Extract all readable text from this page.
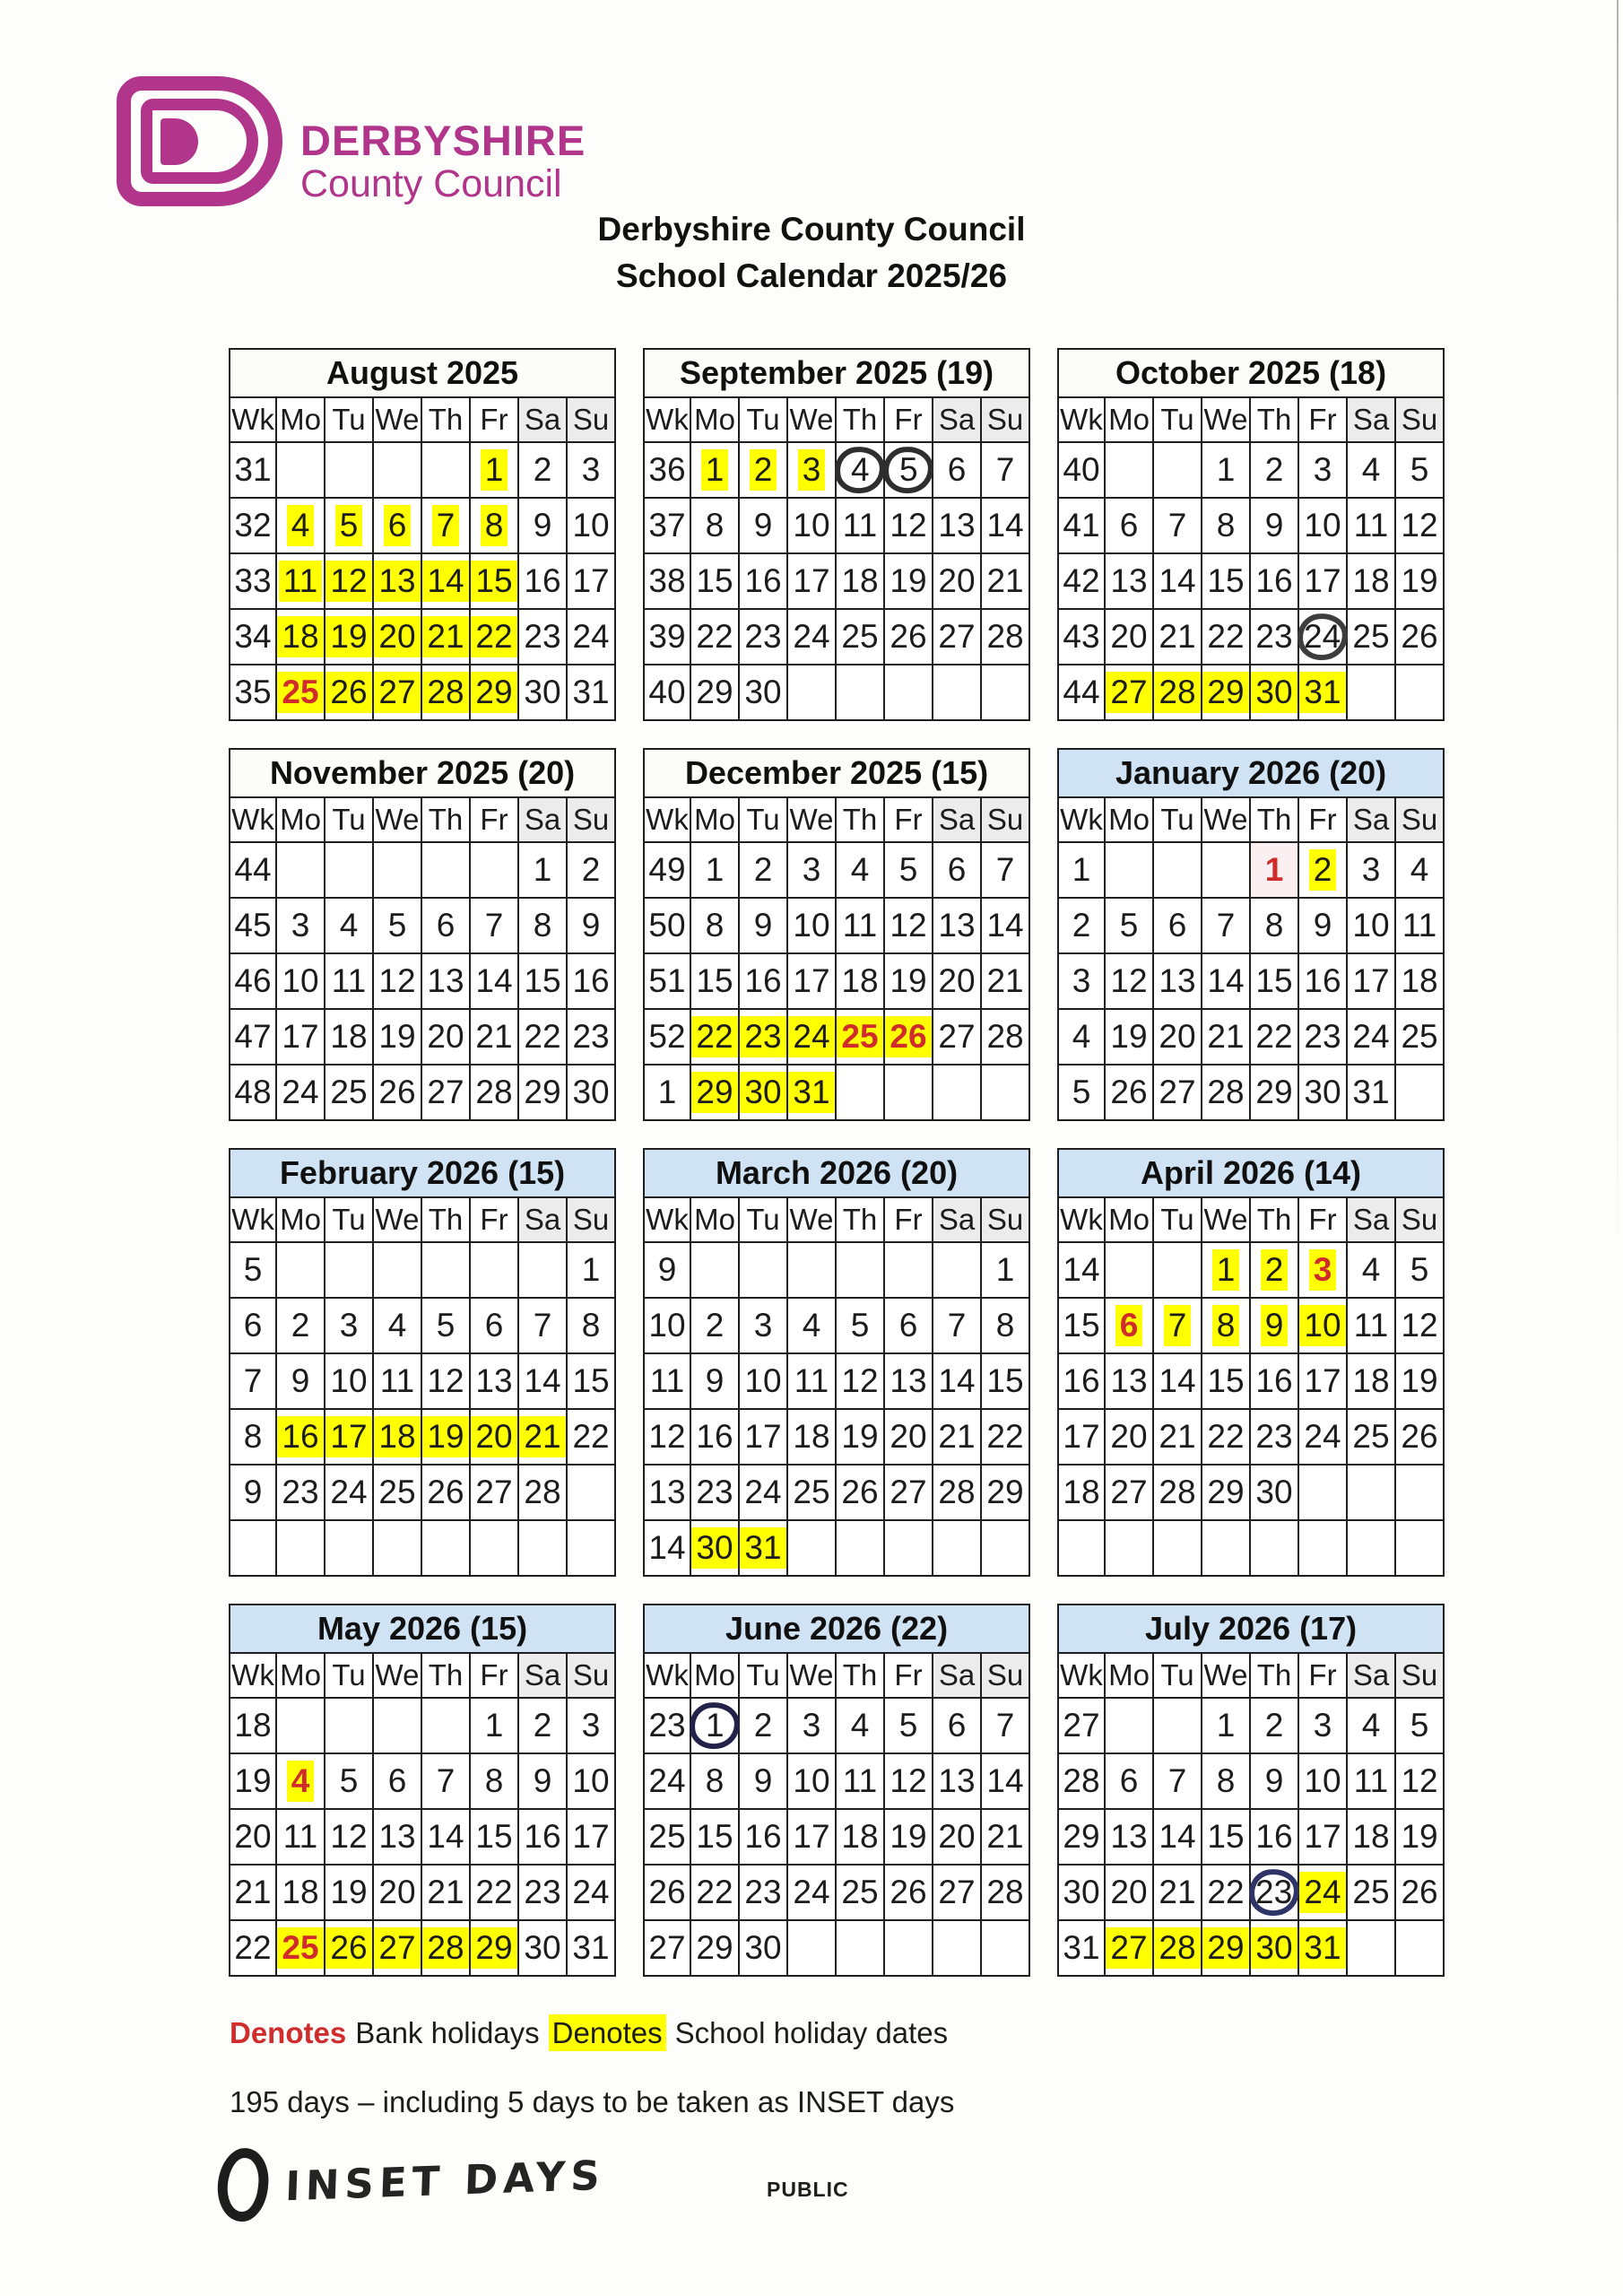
DERBYSHIRE
County Council
Derbyshire County Council
School Calendar 2025/26
August 2025							
Wk	Mo	Tu	We	Th	Fr	Sa	Su
31					1	2	3
32	4	5	6	7	8	9	10
33	11	12	13	14	15	16	17
34	18	19	20	21	22	23	24
35	25	26	27	28	29	30	31
September 2025 (19)							
Wk	Mo	Tu	We	Th	Fr	Sa	Su
36	1	2	3	4	5	6	7
37	8	9	10	11	12	13	14
38	15	16	17	18	19	20	21
39	22	23	24	25	26	27	28
40	29	30					
October 2025 (18)							
Wk	Mo	Tu	We	Th	Fr	Sa	Su
40			1	2	3	4	5
41	6	7	8	9	10	11	12
42	13	14	15	16	17	18	19
43	20	21	22	23	24	25	26
44	27	28	29	30	31		
November 2025 (20)							
Wk	Mo	Tu	We	Th	Fr	Sa	Su
44						1	2
45	3	4	5	6	7	8	9
46	10	11	12	13	14	15	16
47	17	18	19	20	21	22	23
48	24	25	26	27	28	29	30
December 2025 (15)							
Wk	Mo	Tu	We	Th	Fr	Sa	Su
49	1	2	3	4	5	6	7
50	8	9	10	11	12	13	14
51	15	16	17	18	19	20	21
52	22	23	24	25	26	27	28
1	29	30	31				
January 2026 (20)							
Wk	Mo	Tu	We	Th	Fr	Sa	Su
1				1	2	3	4
2	5	6	7	8	9	10	11
3	12	13	14	15	16	17	18
4	19	20	21	22	23	24	25
5	26	27	28	29	30	31	
February 2026 (15)							
Wk	Mo	Tu	We	Th	Fr	Sa	Su
5							1
6	2	3	4	5	6	7	8
7	9	10	11	12	13	14	15
8	16	17	18	19	20	21	22
9	23	24	25	26	27	28	

March 2026 (20)							
Wk	Mo	Tu	We	Th	Fr	Sa	Su
9							1
10	2	3	4	5	6	7	8
11	9	10	11	12	13	14	15
12	16	17	18	19	20	21	22
13	23	24	25	26	27	28	29
14	30	31					
April 2026 (14)							
Wk	Mo	Tu	We	Th	Fr	Sa	Su
14			1	2	3	4	5
15	6	7	8	9	10	11	12
16	13	14	15	16	17	18	19
17	20	21	22	23	24	25	26
18	27	28	29	30			

May 2026 (15)							
Wk	Mo	Tu	We	Th	Fr	Sa	Su
18					1	2	3
19	4	5	6	7	8	9	10
20	11	12	13	14	15	16	17
21	18	19	20	21	22	23	24
22	25	26	27	28	29	30	31
June 2026 (22)							
Wk	Mo	Tu	We	Th	Fr	Sa	Su
23	1	2	3	4	5	6	7
24	8	9	10	11	12	13	14
25	15	16	17	18	19	20	21
26	22	23	24	25	26	27	28
27	29	30					
July 2026 (17)							
Wk	Mo	Tu	We	Th	Fr	Sa	Su
27			1	2	3	4	5
28	6	7	8	9	10	11	12
29	13	14	15	16	17	18	19
30	20	21	22	23	24	25	26
31	27	28	29	30	31		
Denotes Bank holidays Denotes School holiday dates
195 days – including 5 days to be taken as INSET days
INSET DAYS	PUBLIC
